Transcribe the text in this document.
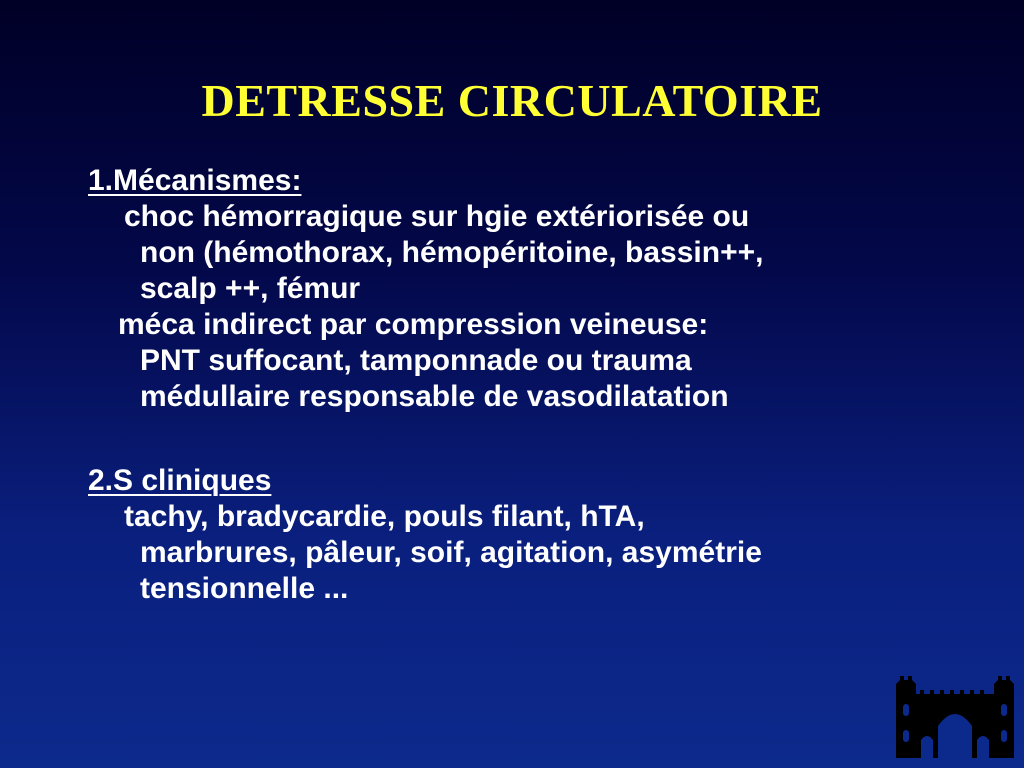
DETRESSE CIRCULATOIRE
1.Mécanismes:
choc hémorragique sur hgie extériorisée ou
non (hémothorax, hémopéritoine, bassin++,
scalp ++, fémur
méca indirect par compression veineuse:
PNT suffocant, tamponnade ou trauma
médullaire responsable de vasodilatation
2.S cliniques
tachy, bradycardie, pouls filant, hTA,
marbrures, pâleur, soif, agitation, asymétrie
tensionnelle ...
